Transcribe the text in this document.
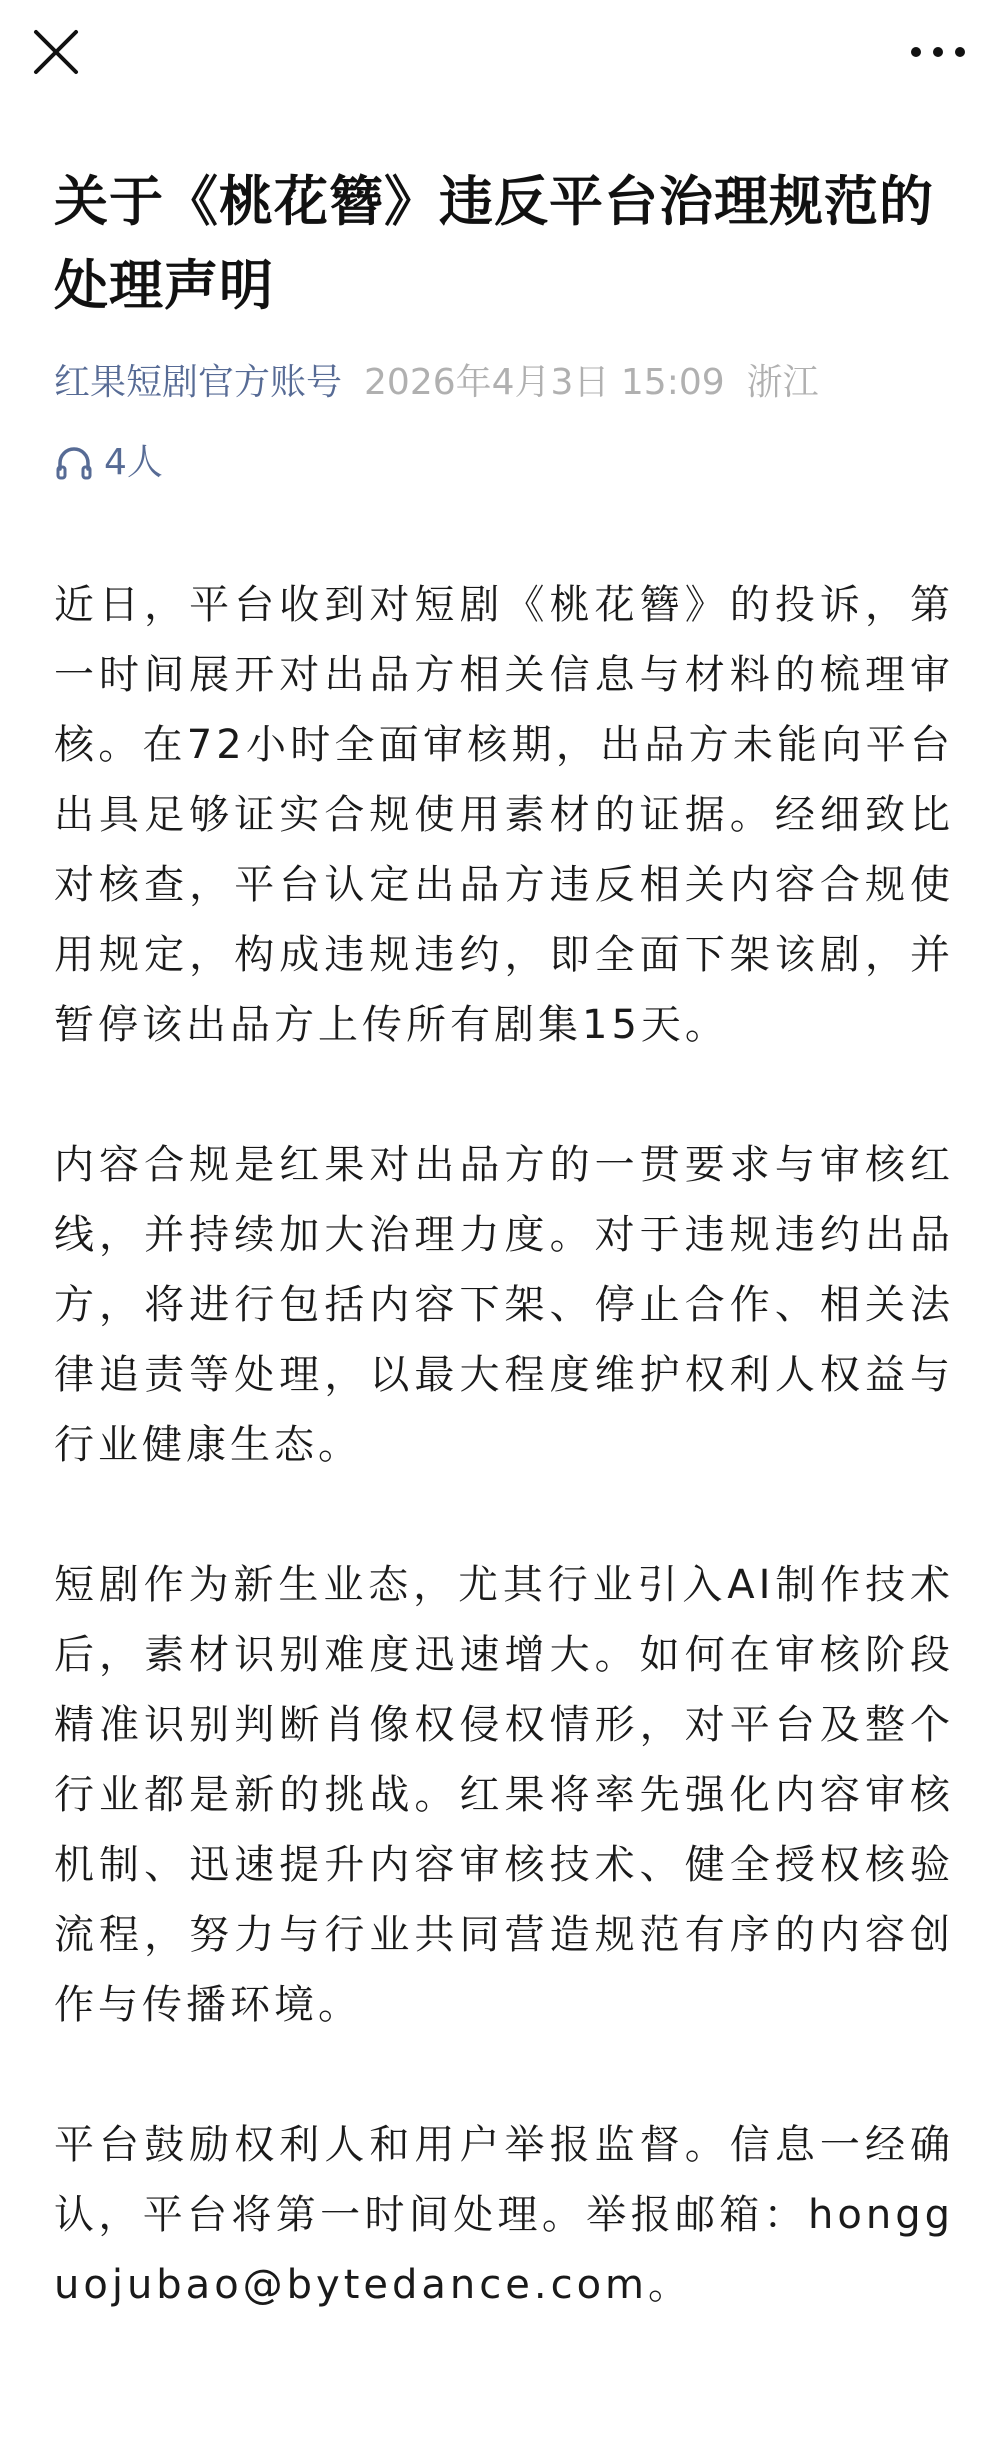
关于《桃花簪》违反平台治理规范的处理声明
红果短剧官方账号 2026年4月3日 15:09 浙江
4人

近日，平台收到对短剧《桃花簪》的投诉，第一时间展开对出品方相关信息与材料的梳理审核。在72小时全面审核期，出品方未能向平台出具足够证实合规使用素材的证据。经细致比对核查，平台认定出品方违反相关内容合规使用规定，构成违规违约，即全面下架该剧，并暂停该出品方上传所有剧集15天。

内容合规是红果对出品方的一贯要求与审核红线，并持续加大治理力度。对于违规违约出品方，将进行包括内容下架、停止合作、相关法律追责等处理，以最大程度维护权利人权益与行业健康生态。

短剧作为新生业态，尤其行业引入AI制作技术后，素材识别难度迅速增大。如何在审核阶段精准识别判断肖像权侵权情形，对平台及整个行业都是新的挑战。红果将率先强化内容审核机制、迅速提升内容审核技术、健全授权核验流程，努力与行业共同营造规范有序的内容创作与传播环境。

平台鼓励权利人和用户举报监督。信息一经确认，平台将第一时间处理。举报邮箱：hongguojubao@bytedance.com。
